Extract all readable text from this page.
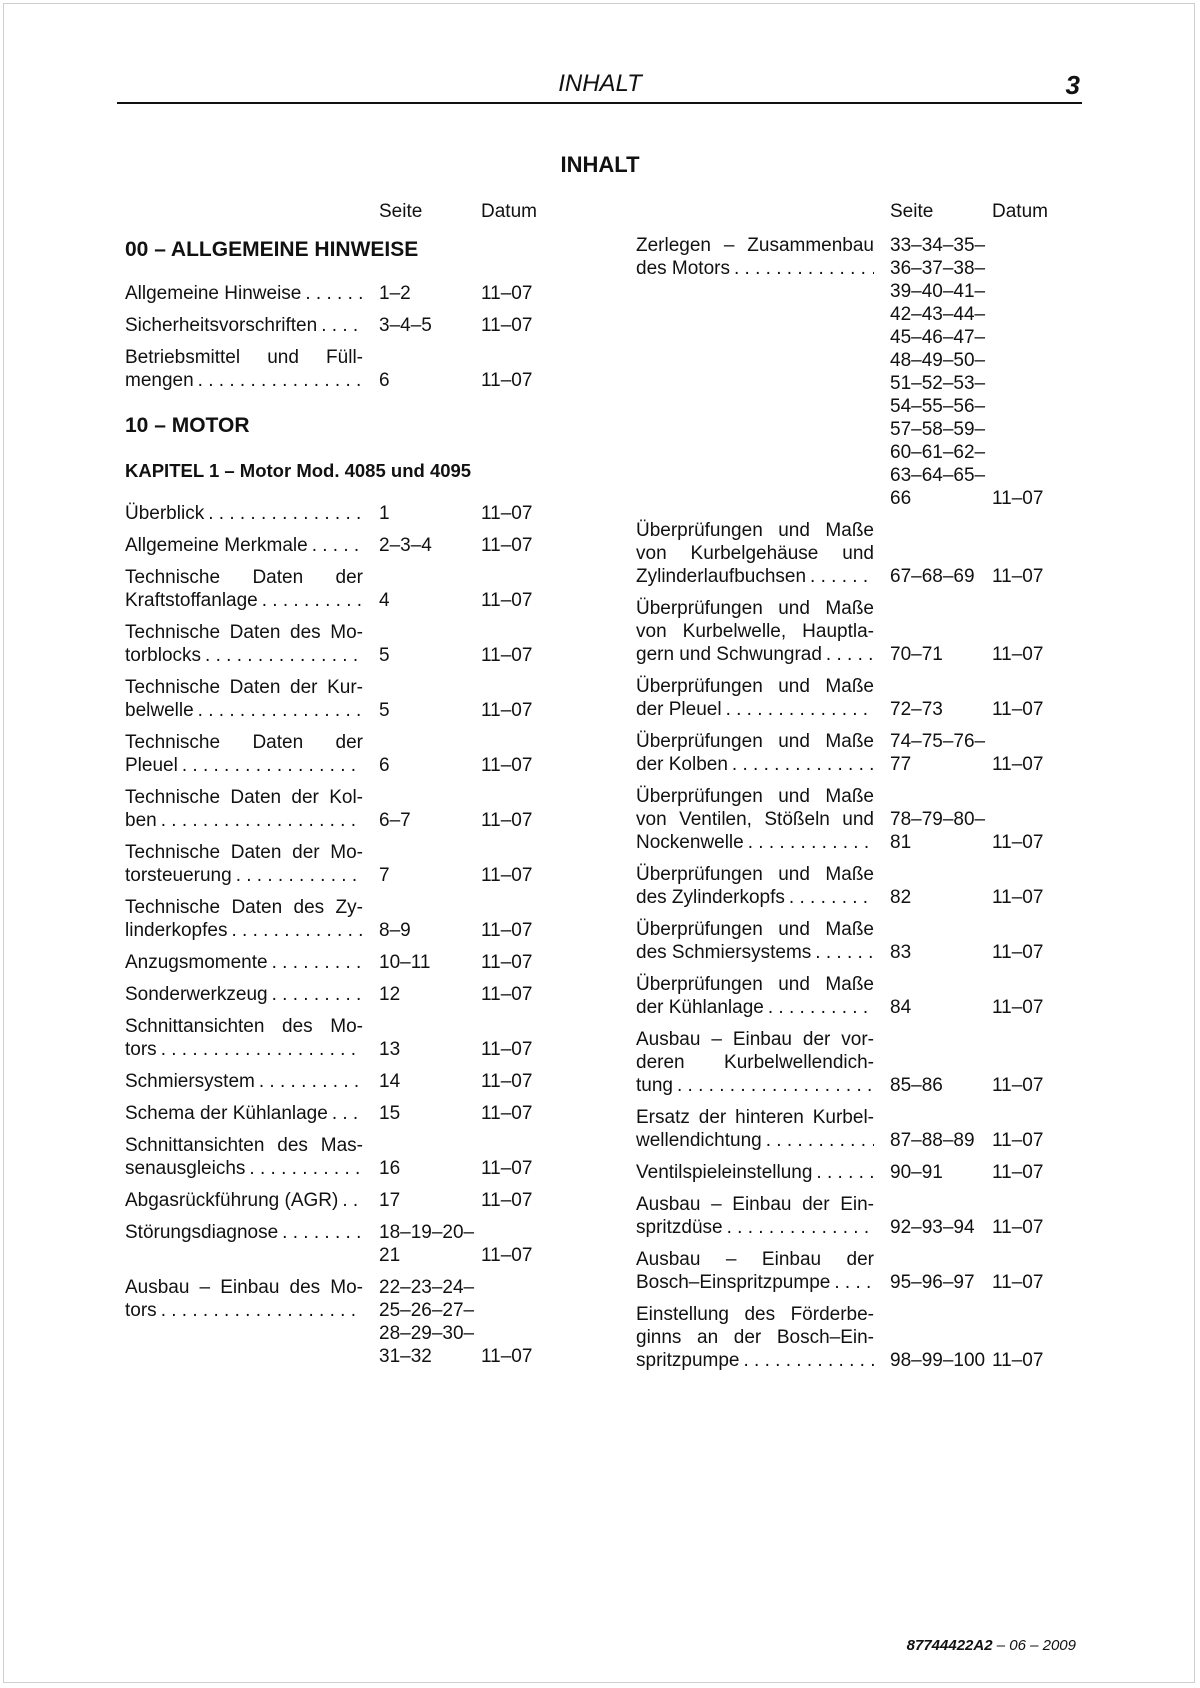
INHALT	3
INHALT
Seite	Datum
00 – ALLGEMEINE HINWEISE
Allgemeine Hinweise . . .	1–2	11–07
Sicherheitsvorschriften . . .	3–4–5	11–07
Betriebsmittel und Füll-
mengen . . .	6	11–07
10 – MOTOR
KAPITEL 1 – Motor Mod. 4085 und 4095
Überblick . . .	1	11–07
Allgemeine Merkmale . . .	2–3–4	11–07
Technische Daten der
Kraftstoffanlage . . .	4	11–07
Technische Daten des Mo-
torblocks . . .	5	11–07
Technische Daten der Kur-
belwelle . . .	5	11–07
Technische Daten der
Pleuel . . .	6	11–07
Technische Daten der Kol-
ben . . .	6–7	11–07
Technische Daten der Mo-
torsteuerung . . .	7	11–07
Technische Daten des Zy-
linderkopfes . . .	8–9	11–07
Anzugsmomente . . .	10–11	11–07
Sonderwerkzeug . . .	12	11–07
Schnittansichten des Mo-
tors . . .	13	11–07
Schmiersystem . . .	14	11–07
Schema der Kühlanlage . . .	15	11–07
Schnittansichten des Mas-
senausgleichs . . .	16	11–07
Abgasrückführung (AGR) . . . 17	11–07
Störungsdiagnose . . .	18–19–20–
21	11–07
Ausbau – Einbau des Mo-
tors
. . .
22–23–24–
25–26–27–
28–29–30–
31–32	11–07
Seite	Datum
Zerlegen – Zusammenbau
des Motors
. . .
33–34–35–
36–37–38–
39–40–41–
42–43–44–
45–46–47–
48–49–50–
51–52–53–
54–55–56–
57–58–59–
60–61–62–
63–64–65–
66	11–07
Überprüfungen und Maße
von Kurbelgehäuse und
Zylinderlaufbuchsen . . .	67–68–69 11–07
Überprüfungen und Maße
von Kurbelwelle, Hauptla-
gern und Schwungrad . . .	70–71	11–07
Überprüfungen und Maße
der Pleuel . . .	72–73	11–07
Überprüfungen und Maße
der Kolben
. . .
74–75–76–
77	11–07
Überprüfungen und Maße
von Ventilen, Stößeln und
Nockenwelle
. . .
78–79–80–
81	11–07
Überprüfungen und Maße
des Zylinderkopfs . . .	82	11–07
Überprüfungen und Maße
des Schmiersystems . . .	83	11–07
Überprüfungen und Maße
der Kühlanlage . . .	84	11–07
Ausbau – Einbau der vor-
deren Kurbelwellendich-
tung . . .	85–86	11–07
Ersatz der hinteren Kurbel-
wellendichtung . . .	87–88–89 11–07
Ventilspieleinstellung . . .	90–91	11–07
Ausbau – Einbau der Ein-
spritzdüse . . .	92–93–94 11–07
Ausbau – Einbau der
Bosch–Einspritzpumpe . . .	95–96–97 11–07
Einstellung des Förderbe-
ginns an der Bosch–Ein-
spritzpumpe . . .	98–99–100 11–07
87744422A2 – 06 – 2009
